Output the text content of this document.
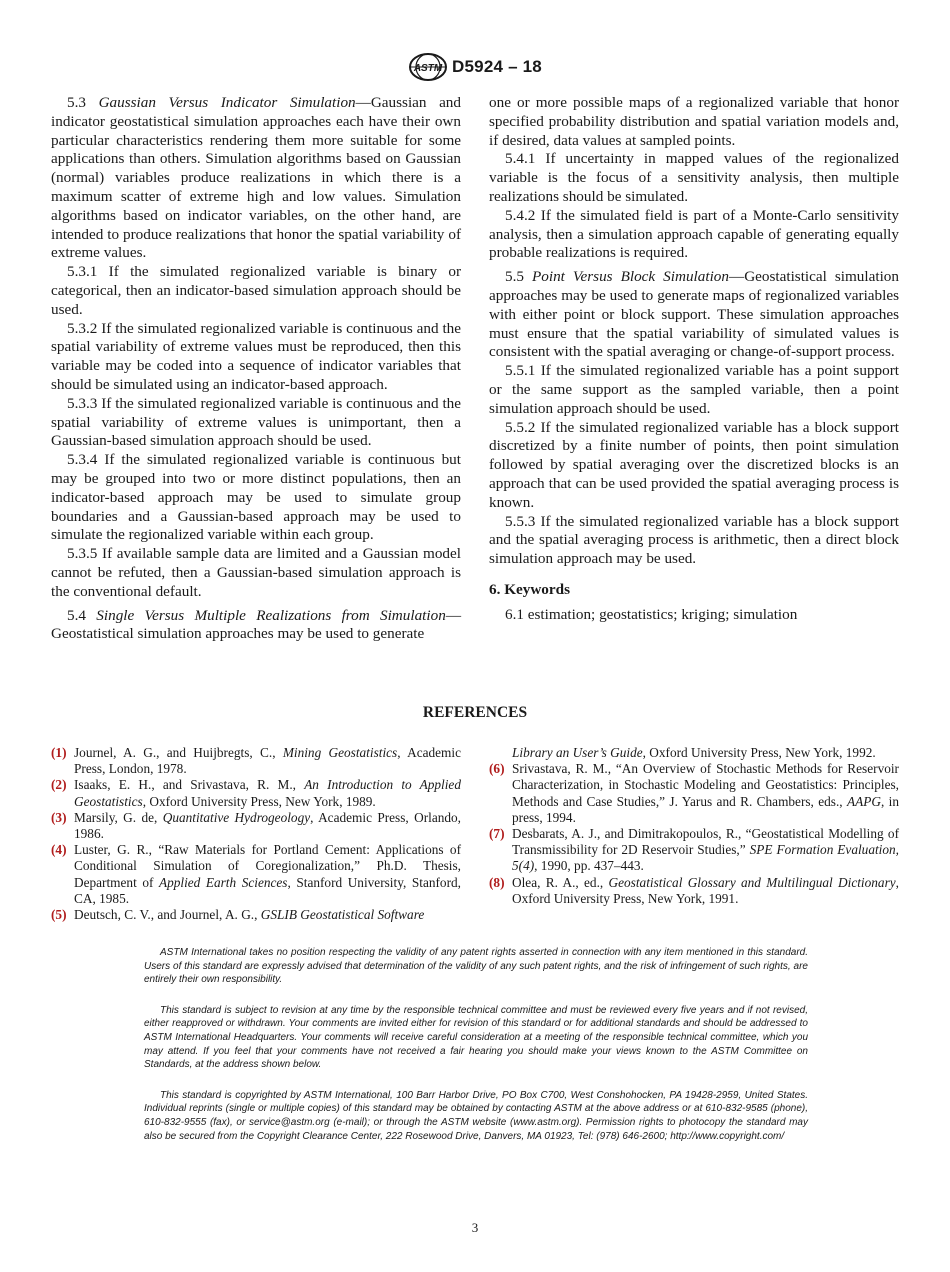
ASTM D5924 – 18

5.3 Gaussian Versus Indicator Simulation—Gaussian and indicator geostatistical simulation approaches each have their own particular characteristics rendering them more suitable for some applications than others. Simulation algorithms based on Gaussian (normal) variables produce realizations in which there is a maximum scatter of extreme high and low values. Simulation algorithms based on indicator variables, on the other hand, are intended to produce realizations that honor the spatial variability of extreme values.

5.3.1 If the simulated regionalized variable is binary or categorical, then an indicator-based simulation approach should be used.

5.3.2 If the simulated regionalized variable is continuous and the spatial variability of extreme values must be reproduced, then this variable may be coded into a sequence of indicator variables that should be simulated using an indicator-based approach.

5.3.3 If the simulated regionalized variable is continuous and the spatial variability of extreme values is unimportant, then a Gaussian-based simulation approach should be used.

5.3.4 If the simulated regionalized variable is continuous but may be grouped into two or more distinct populations, then an indicator-based approach may be used to simulate group boundaries and a Gaussian-based approach may be used to simulate the regionalized variable within each group.

5.3.5 If available sample data are limited and a Gaussian model cannot be refuted, then a Gaussian-based simulation approach is the conventional default.

5.4 Single Versus Multiple Realizations from Simulation—Geostatistical simulation approaches may be used to generate

one or more possible maps of a regionalized variable that honor specified probability distribution and spatial variation models and, if desired, data values at sampled points.

5.4.1 If uncertainty in mapped values of the regionalized variable is the focus of a sensitivity analysis, then multiple realizations should be simulated.

5.4.2 If the simulated field is part of a Monte-Carlo sensitivity analysis, then a simulation approach capable of generating equally probable realizations is required.

5.5 Point Versus Block Simulation—Geostatistical simulation approaches may be used to generate maps of regionalized variables with either point or block support. These simulation approaches must ensure that the spatial variability of simulated values is consistent with the spatial averaging or change-of-support process.

5.5.1 If the simulated regionalized variable has a point support or the same support as the sampled variable, then a point simulation approach should be used.

5.5.2 If the simulated regionalized variable has a block support discretized by a finite number of points, then point simulation followed by spatial averaging over the discretized blocks is an approach that can be used provided the spatial averaging process is known.

5.5.3 If the simulated regionalized variable has a block support and the spatial averaging process is arithmetic, then a direct block simulation approach may be used.

6. Keywords

6.1 estimation; geostatistics; kriging; simulation

REFERENCES

(1) Journel, A. G., and Huijbregts, C., Mining Geostatistics, Academic Press, London, 1978.

(2) Isaaks, E. H., and Srivastava, R. M., An Introduction to Applied Geostatistics, Oxford University Press, New York, 1989.

(3) Marsily, G. de, Quantitative Hydrogeology, Academic Press, Orlando, 1986.

(4) Luster, G. R., “Raw Materials for Portland Cement: Applications of Conditional Simulation of Coregionalization,” Ph.D. Thesis, Department of Applied Earth Sciences, Stanford University, Stanford, CA, 1985.

(5) Deutsch, C. V., and Journel, A. G., GSLIB Geostatistical Software

Library an User’s Guide, Oxford University Press, New York, 1992.

(6) Srivastava, R. M., “An Overview of Stochastic Methods for Reservoir Characterization, in Stochastic Modeling and Geostatistics: Principles, Methods and Case Studies,” J. Yarus and R. Chambers, eds., AAPG, in press, 1994.

(7) Desbarats, A. J., and Dimitrakopoulos, R., “Geostatistical Modelling of Transmissibility for 2D Reservoir Studies,” SPE Formation Evaluation, 5(4), 1990, pp. 437–443.

(8) Olea, R. A., ed., Geostatistical Glossary and Multilingual Dictionary, Oxford University Press, New York, 1991.

ASTM International takes no position respecting the validity of any patent rights asserted in connection with any item mentioned in this standard. Users of this standard are expressly advised that determination of the validity of any such patent rights, and the risk of infringement of such rights, are entirely their own responsibility.

This standard is subject to revision at any time by the responsible technical committee and must be reviewed every five years and if not revised, either reapproved or withdrawn. Your comments are invited either for revision of this standard or for additional standards and should be addressed to ASTM International Headquarters. Your comments will receive careful consideration at a meeting of the responsible technical committee, which you may attend. If you feel that your comments have not received a fair hearing you should make your views known to the ASTM Committee on Standards, at the address shown below.

This standard is copyrighted by ASTM International, 100 Barr Harbor Drive, PO Box C700, West Conshohocken, PA 19428-2959, United States. Individual reprints (single or multiple copies) of this standard may be obtained by contacting ASTM at the above address or at 610-832-9585 (phone), 610-832-9555 (fax), or service@astm.org (e-mail); or through the ASTM website (www.astm.org). Permission rights to photocopy the standard may also be secured from the Copyright Clearance Center, 222 Rosewood Drive, Danvers, MA 01923, Tel: (978) 646-2600; http://www.copyright.com/

3
